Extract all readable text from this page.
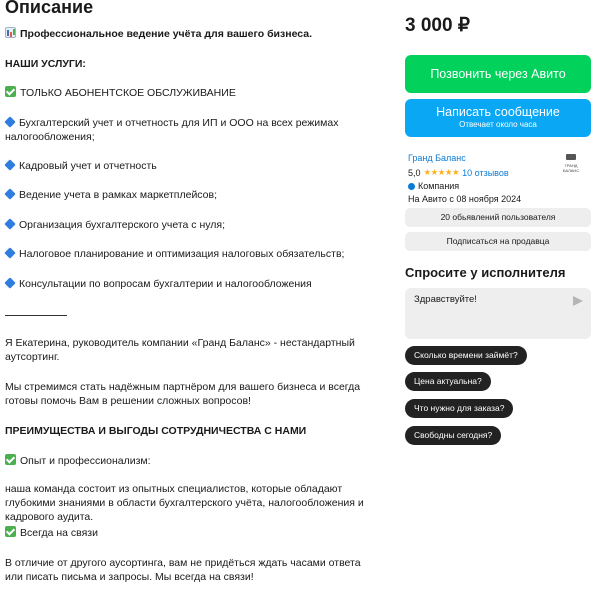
Описание
Профессиональное ведение учёта для вашего бизнеса.
НАШИ УСЛУГИ:
ТОЛЬКО АБОНЕНТСКОЕ ОБСЛУЖИВАНИЕ
Бухгалтерский учет и отчетность для ИП и ООО на всех режимах налогообложения;
Кадровый учет и отчетность
Ведение учета в рамках маркетплейсов;
Организация бухгалтерского учета с нуля;
Налоговое планирование и оптимизация налоговых обязательств;
Консультации по вопросам бухгалтерии и налогообложения
Я Екатерина, руководитель компании «Гранд Баланс» - нестандартный аутсортинг.
Мы стремимся стать надёжным партнёром для вашего бизнеса и всегда готовы помочь Вам в решении сложных вопросов!
ПРЕИМУЩЕСТВА И ВЫГОДЫ СОТРУДНИЧЕСТВА С НАМИ
Опыт и профессионализм:
наша команда состоит из опытных специалистов, которые обладают глубокими знаниями в области бухгалтерского учёта, налогообложения и кадрового аудита.
Всегда на связи
В отличие от другого аусортинга, вам не придёться ждать часами ответа или писать письма и запросы. Мы всегда на связи!
3 000 ₽
Позвонить через Авито
Написать сообщение
Отвечает около часа
Гранд Баланс
5,0 ★★★★★ 10 отзывов
Компания
На Авито с 08 ноября 2024
ГРАНД БАЛАНС
20 обьявлений пользователя
Подписаться на продавца
Спросите у исполнителя
Здравствуйте!
Сколько времени займёт?
Цена актуальна?
Что нужно для заказа?
Свободны сегодня?
